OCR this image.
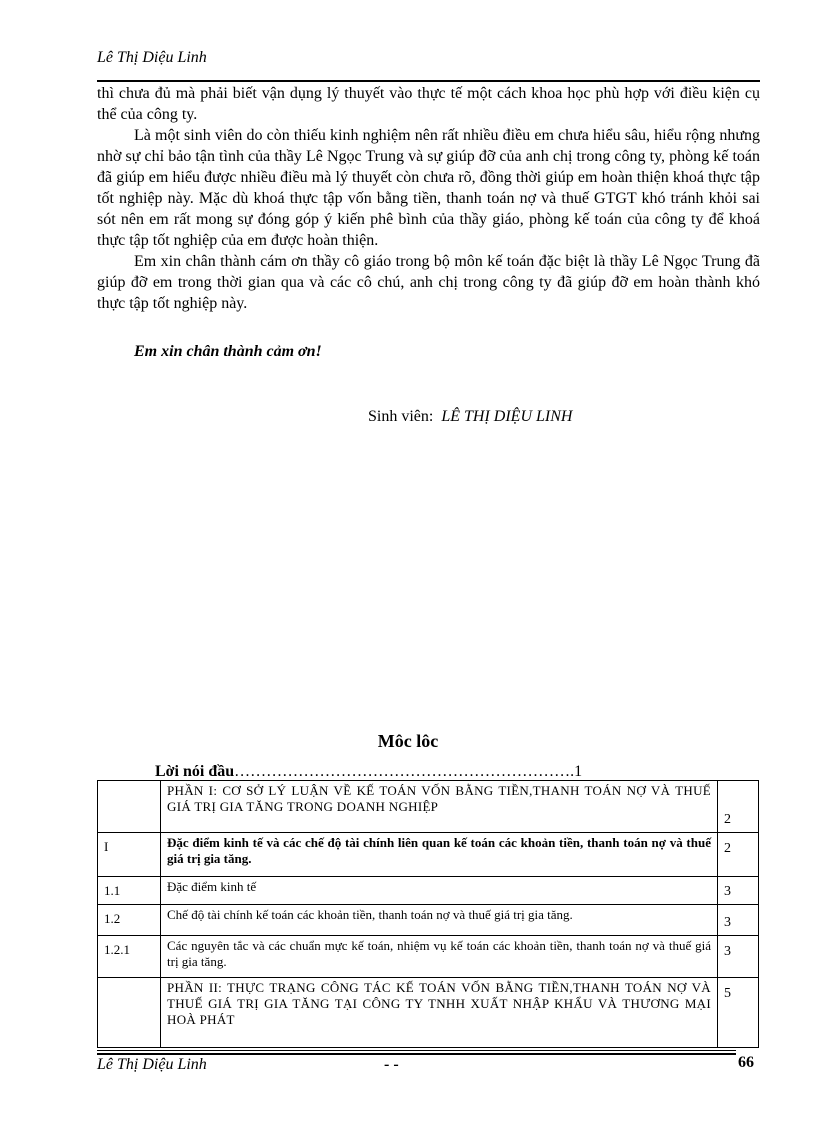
Lê Thị Diệu Linh

thì chưa đủ mà phải biết vận dụng lý thuyết vào thực tế một cách khoa học phù hợp với điều kiện cụ thể của công ty.

Là một sinh viên do còn thiếu kinh nghiệm nên rất nhiều điều em chưa hiểu sâu, hiểu rộng nhưng nhờ sự chỉ bảo tận tình của thầy Lê Ngọc Trung và sự giúp đỡ của anh chị trong công ty, phòng kế toán đã giúp em hiểu được nhiều điều mà lý thuyết còn chưa rõ, đồng thời giúp em hoàn thiện khoá thực tập tốt nghiệp này. Mặc dù khoá thực tập vốn bằng tiền, thanh toán nợ và thuế GTGT khó tránh khỏi sai sót nên em rất mong sự đóng góp ý kiến phê bình của thầy giáo, phòng kế toán của công ty để khoá thực tập tốt nghiệp của em được hoàn thiện.

Em xin chân thành cám ơn thầy cô giáo trong bộ môn kế toán đặc biệt là thầy Lê Ngọc Trung đã giúp đỡ em trong thời gian qua và các cô chú, anh chị trong công ty đã giúp đỡ em hoàn thành khó thực tập tốt nghiệp này.

Em xin chân thành cảm ơn!
Sinh viên: LÊ THỊ DIỆU LINH
Môc lôc
Lời nói đầu……………………………………………………….1
	PHẦN I: CƠ SỞ LÝ LUẬN VỀ KẾ TOÁN VỐN BẰNG TIỀN,THANH TOÁN NỢ VÀ THUẾ GIÁ TRỊ GIA TĂNG TRONG DOANH NGHIỆP	2
I	Đặc điểm kinh tế và các chế độ tài chính liên quan kế toán các khoản tiền, thanh toán nợ và thuế giá trị gia tăng.	2
1.1	Đặc điểm kinh tế	3
1.2	Chế độ tài chính kế toán các khoản tiền, thanh toán nợ và thuế giá trị gia tăng.	3
1.2.1	Các nguyên tắc và các chuẩn mực kế toán, nhiệm vụ kế toán các khoản tiền, thanh toán nợ và thuế giá trị gia tăng.	3
	PHẦN II: THỰC TRẠNG CÔNG TÁC KẾ TOÁN VỐN BẰNG TIỀN,THANH TOÁN NỢ VÀ THUẾ GIÁ TRỊ GIA TĂNG TẠI CÔNG TY TNHH XUẤT NHẬP KHẨU VÀ THƯƠNG MẠI HOÀ PHÁT	5
Lê Thị Diệu Linh	- -	66
